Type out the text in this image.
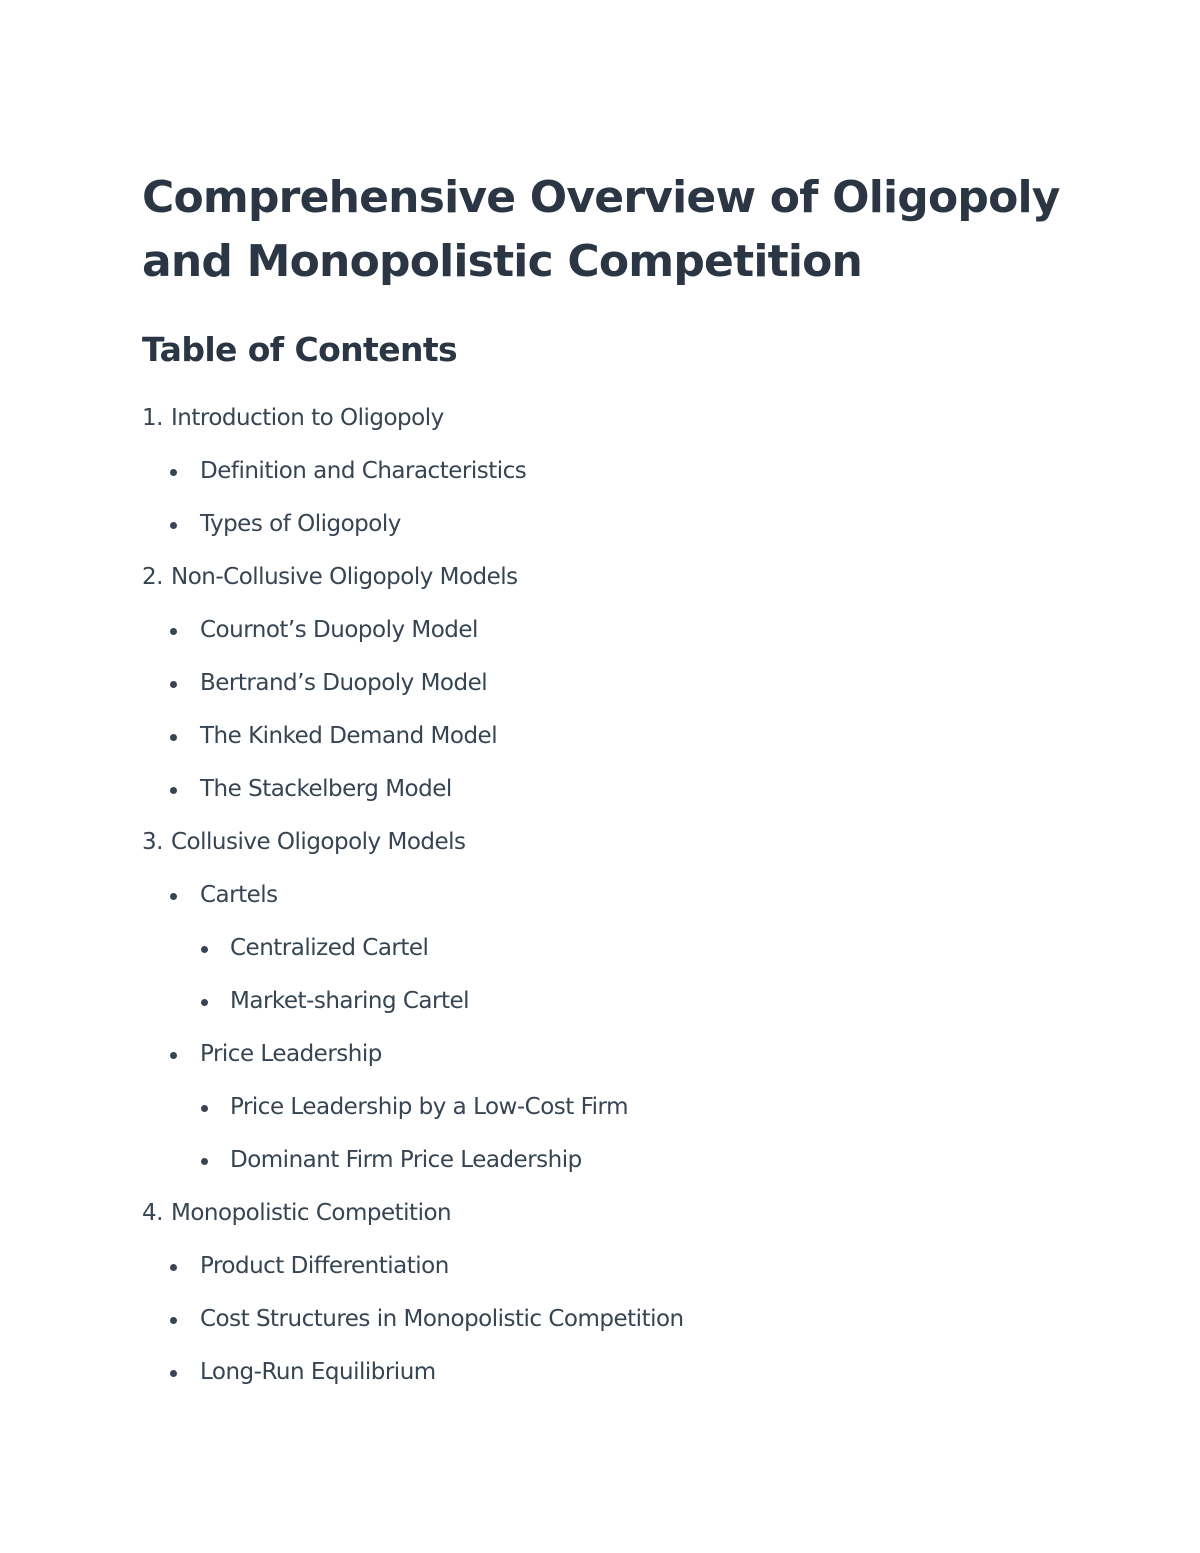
Comprehensive Overview of Oligopoly
and Monopolistic Competition
Table of Contents
1. Introduction to Oligopoly
Definition and Characteristics
Types of Oligopoly
2. Non-Collusive Oligopoly Models
Cournot’s Duopoly Model
Bertrand’s Duopoly Model
The Kinked Demand Model
The Stackelberg Model
3. Collusive Oligopoly Models
Cartels
Centralized Cartel
Market-sharing Cartel
Price Leadership
Price Leadership by a Low-Cost Firm
Dominant Firm Price Leadership
4. Monopolistic Competition
Product Differentiation
Cost Structures in Monopolistic Competition
Long-Run Equilibrium
